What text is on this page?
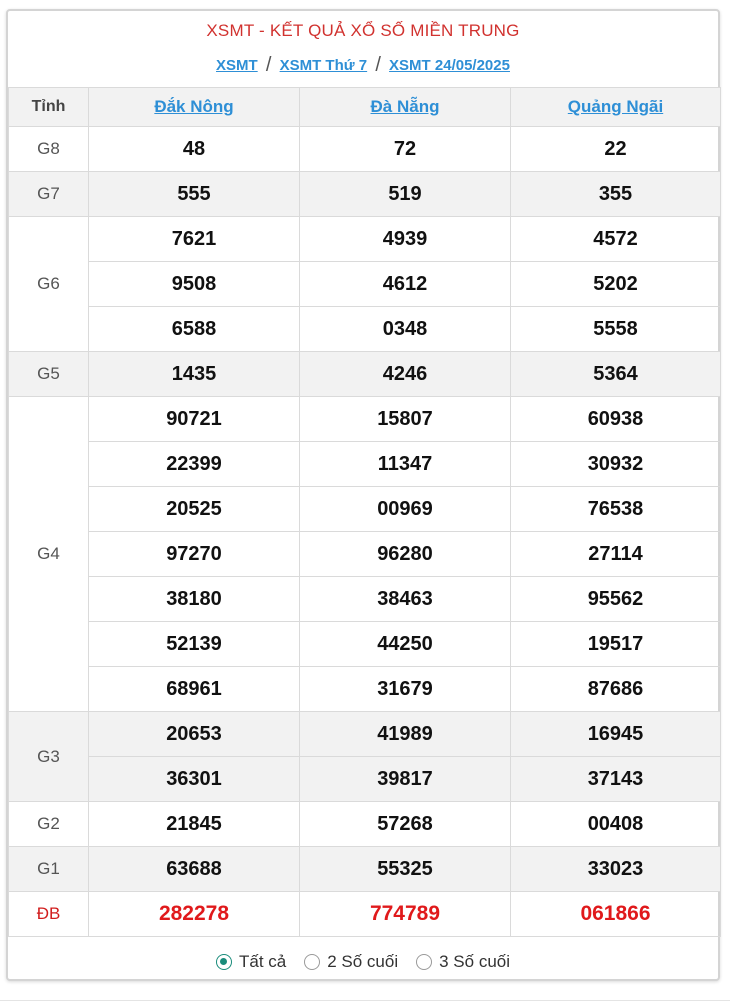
XSMT - KẾT QUẢ XỔ SỐ MIỀN TRUNG
XSMT / XSMT Thứ 7 / XSMT 24/05/2025
Tỉnh	Đắk Nông	Đà Nẵng	Quảng Ngãi
G8	48	72	22
G7	555	519	355
G6	7621	4939	4572
	9508	4612	5202
	6588	0348	5558
G5	1435	4246	5364
G4	90721	15807	60938
	22399	11347	30932
	20525	00969	76538
	97270	96280	27114
	38180	38463	95562
	52139	44250	19517
	68961	31679	87686
G3	20653	41989	16945
	36301	39817	37143
G2	21845	57268	00408
G1	63688	55325	33023
ĐB	282278	774789	061866
Tất cả 2 Số cuối 3 Số cuối
